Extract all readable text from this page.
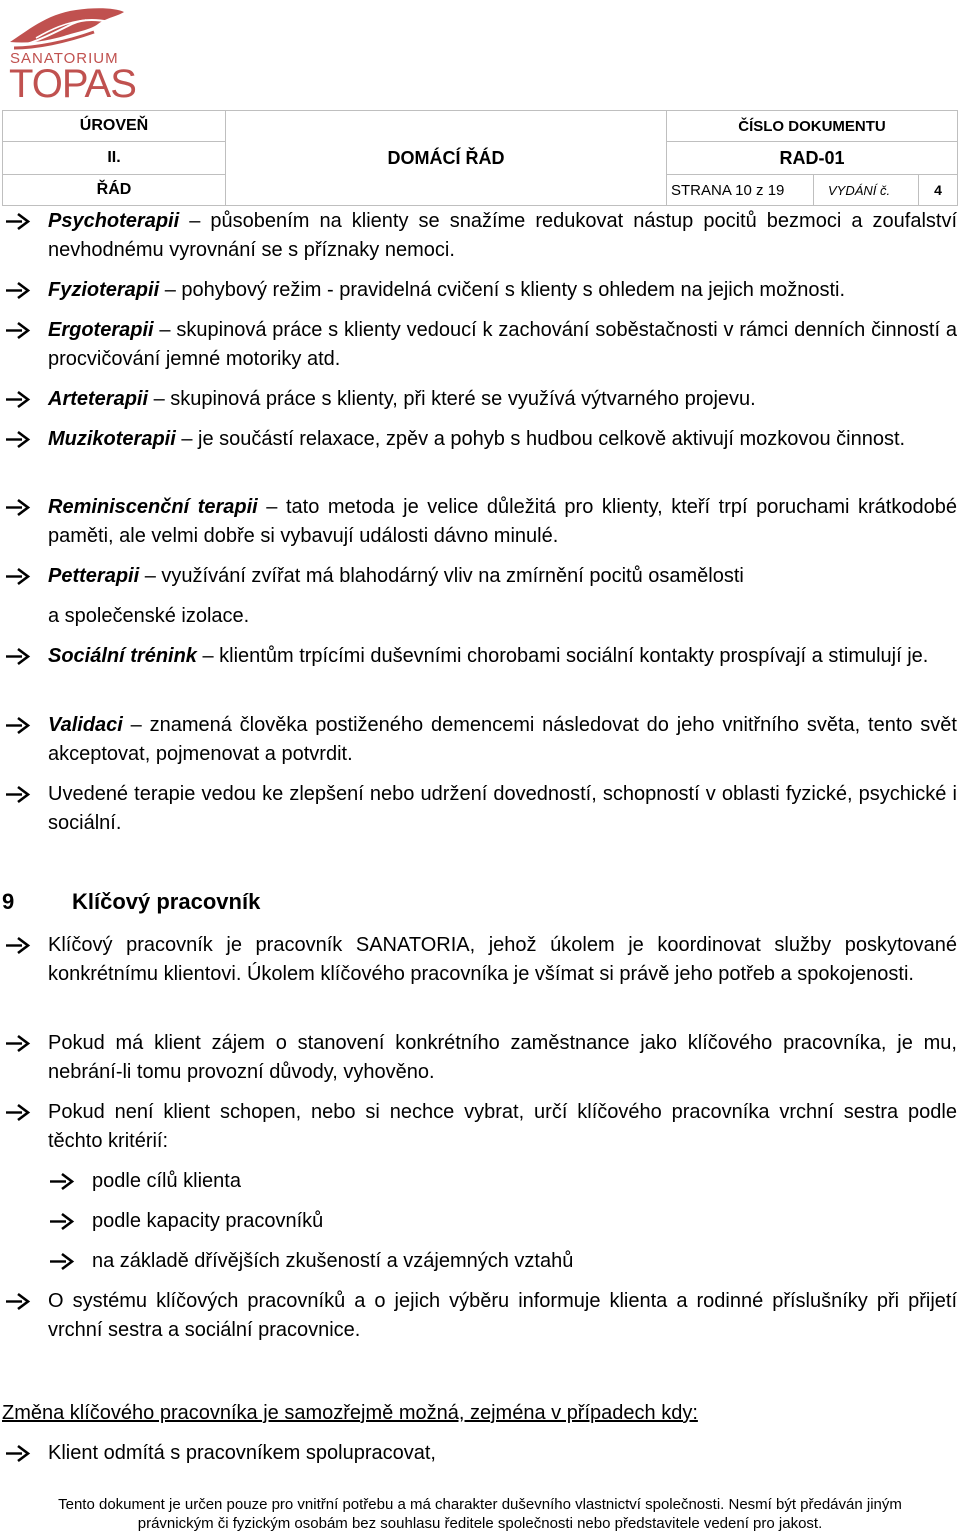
SANATORIUM
TOPAS
ÚROVEŇ	DOMÁCÍ ŘÁD	ČÍSLO DOKUMENTU		
II.		RAD-01		
ŘÁD		STRANA 10 z 19	VYDÁNÍ č.	4
Psychoterapii – působením na klienty se snažíme redukovat nástup pocitů bezmoci a zoufalství nevhodnému vyrovnání se s příznaky nemoci.
Fyzioterapii – pohybový režim - pravidelná cvičení s klienty s ohledem na jejich možnosti.
Ergoterapii – skupinová práce s klienty vedoucí k zachování soběstačnosti v rámci denních činností a procvičování jemné motoriky atd.
Arteterapii – skupinová práce s klienty, při které se využívá výtvarného projevu.
Muzikoterapii – je součástí relaxace, zpěv a pohyb s hudbou celkově aktivují mozkovou činnost.
Reminiscenční terapii – tato metoda je velice důležitá pro klienty, kteří trpí poruchami krátkodobé paměti, ale velmi dobře si vybavují události dávno minulé.
Petterapii – využívání zvířat má blahodárný vliv na zmírnění pocitů osamělosti
a společenské izolace.
Sociální trénink – klientům trpícími duševními chorobami sociální kontakty prospívají a stimulují je.
Validaci – znamená člověka postiženého demencemi následovat do jeho vnitřního světa, tento svět akceptovat, pojmenovat a potvrdit.
Uvedené terapie vedou ke zlepšení nebo udržení dovedností, schopností v oblasti fyzické, psychické i sociální.
9	Klíčový pracovník
Klíčový pracovník je pracovník SANATORIA, jehož úkolem je koordinovat služby poskytované konkrétnímu klientovi. Úkolem klíčového pracovníka je všímat si právě jeho potřeb a spokojenosti.
Pokud má klient zájem o stanovení konkrétního zaměstnance jako klíčového pracovníka, je mu, nebrání-li tomu provozní důvody, vyhověno.
Pokud není klient schopen, nebo si nechce vybrat, určí klíčového pracovníka vrchní sestra podle těchto kritérií:
podle cílů klienta
podle kapacity pracovníků
na základě dřívějších zkušeností a vzájemných vztahů
O systému klíčových pracovníků a o jejich výběru informuje klienta a rodinné příslušníky při přijetí vrchní sestra a sociální pracovnice.
Změna klíčového pracovníka je samozřejmě možná, zejména v případech kdy:
Klient odmítá s pracovníkem spolupracovat,
Tento dokument je určen pouze pro vnitřní potřebu a má charakter duševního vlastnictví společnosti. Nesmí být předáván jiným
právnickým či fyzickým osobám bez souhlasu ředitele společnosti nebo představitele vedení pro jakost.
